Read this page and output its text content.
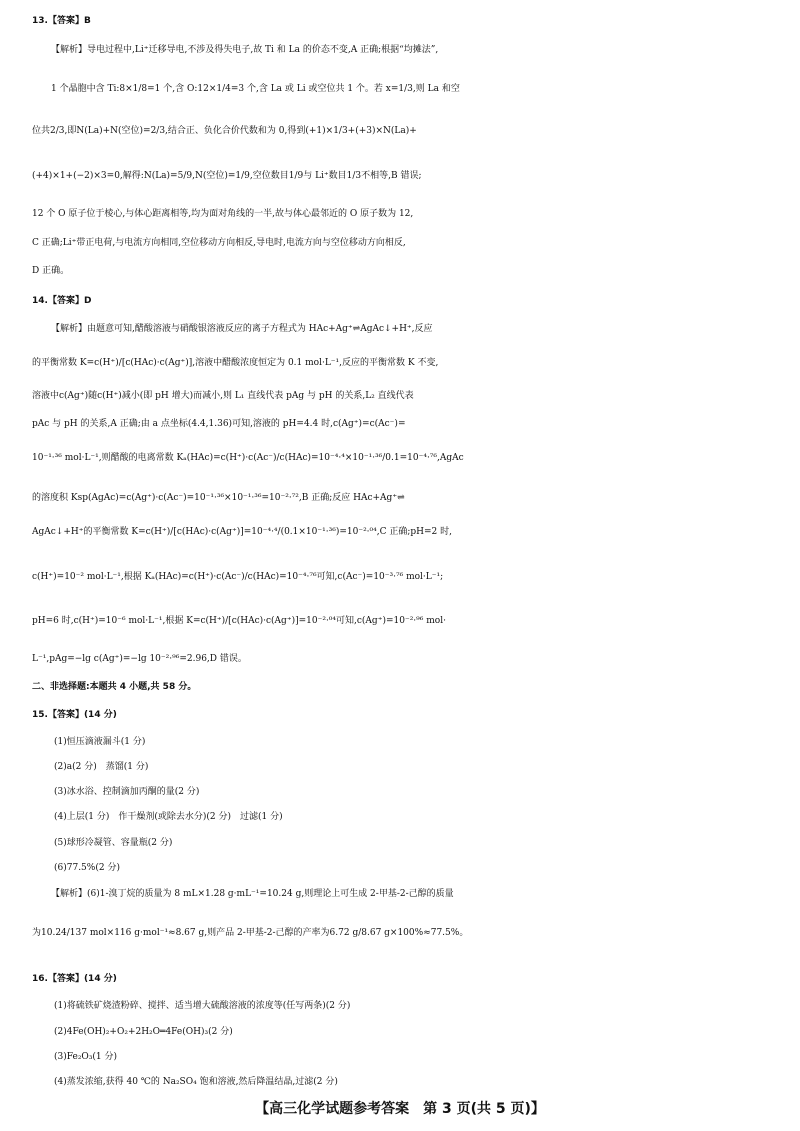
13.【答案】B
【解析】导电过程中,Li⁺迁移导电,不涉及得失电子,故 Ti 和 La 的价态不变,A 正确;根据“均摊法”,
1 个晶胞中含 Ti:8×1/8=1 个,含 O:12×1/4=3 个,含 La 或 Li 或空位共 1 个。若 x=1/3,则 La 和空
位共2/3,即N(La)+N(空位)=2/3,结合正、负化合价代数和为 0,得到(+1)×1/3+(+3)×N(La)+
(+4)×1+(−2)×3=0,解得:N(La)=5/9,N(空位)=1/9,空位数目1/9与 Li⁺数目1/3不相等,B 错误;
12 个 O 原子位于棱心,与体心距离相等,均为面对角线的一半,故与体心最邻近的 O 原子数为 12,
C 正确;Li⁺带正电荷,与电流方向相同,空位移动方向相反,导电时,电流方向与空位移动方向相反,
D 正确。
14.【答案】D
【解析】由题意可知,醋酸溶液与硝酸银溶液反应的离子方程式为 HAc+Ag⁺⇌AgAc↓+H⁺,反应
的平衡常数 K=c(H⁺)/[c(HAc)·c(Ag⁺)],溶液中醋酸浓度恒定为 0.1 mol·L⁻¹,反应的平衡常数 K 不变,
溶液中c(Ag⁺)随c(H⁺)减小(即 pH 增大)而减小,则 L₁ 直线代表 pAg 与 pH 的关系,L₂ 直线代表
pAc 与 pH 的关系,A 正确;由 a 点坐标(4.4,1.36)可知,溶液的 pH=4.4 时,c(Ag⁺)=c(Ac⁻)=
10⁻¹·³⁶ mol·L⁻¹,则醋酸的电离常数 Kₐ(HAc)=c(H⁺)·c(Ac⁻)/c(HAc)=10⁻⁴·⁴×10⁻¹·³⁶/0.1=10⁻⁴·⁷⁶,AgAc
的溶度积 Ksp(AgAc)=c(Ag⁺)·c(Ac⁻)=10⁻¹·³⁶×10⁻¹·³⁶=10⁻²·⁷²,B 正确;反应 HAc+Ag⁺⇌
AgAc↓+H⁺的平衡常数 K=c(H⁺)/[c(HAc)·c(Ag⁺)]=10⁻⁴·⁴/(0.1×10⁻¹·³⁶)=10⁻²·⁰⁴,C 正确;pH=2 时,
c(H⁺)=10⁻² mol·L⁻¹,根据 Kₐ(HAc)=c(H⁺)·c(Ac⁻)/c(HAc)=10⁻⁴·⁷⁶可知,c(Ac⁻)=10⁻³·⁷⁶ mol·L⁻¹;
pH=6 时,c(H⁺)=10⁻⁶ mol·L⁻¹,根据 K=c(H⁺)/[c(HAc)·c(Ag⁺)]=10⁻²·⁰⁴可知,c(Ag⁺)=10⁻²·⁹⁶ mol·
L⁻¹,pAg=−lg c(Ag⁺)=−lg 10⁻²·⁹⁶=2.96,D 错误。
二、非选择题:本题共 4 小题,共 58 分。
15.【答案】(14 分)
(1)恒压滴液漏斗(1 分)
(2)a(2 分)　蒸馏(1 分)
(3)冰水浴、控制滴加丙酮的量(2 分)
(4)上层(1 分)　作干燥剂(或除去水分)(2 分)　过滤(1 分)
(5)球形冷凝管、容量瓶(2 分)
(6)77.5%(2 分)
【解析】(6)1-溴丁烷的质量为 8 mL×1.28 g·mL⁻¹=10.24 g,则理论上可生成 2-甲基-2-己醇的质量
为10.24/137 mol×116 g·mol⁻¹≈8.67 g,则产品 2-甲基-2-己醇的产率为6.72 g/8.67 g×100%≈77.5%。
16.【答案】(14 分)
(1)将硫铁矿烧渣粉碎、搅拌、适当增大硫酸溶液的浓度等(任写两条)(2 分)
(2)4Fe(OH)₂+O₂+2H₂O═4Fe(OH)₃(2 分)
(3)Fe₂O₃(1 分)
(4)蒸发浓缩,获得 40 ℃的 Na₂SO₄ 饱和溶液,然后降温结晶,过滤(2 分)
【高三化学试题参考答案　第 3 页(共 5 页)】
